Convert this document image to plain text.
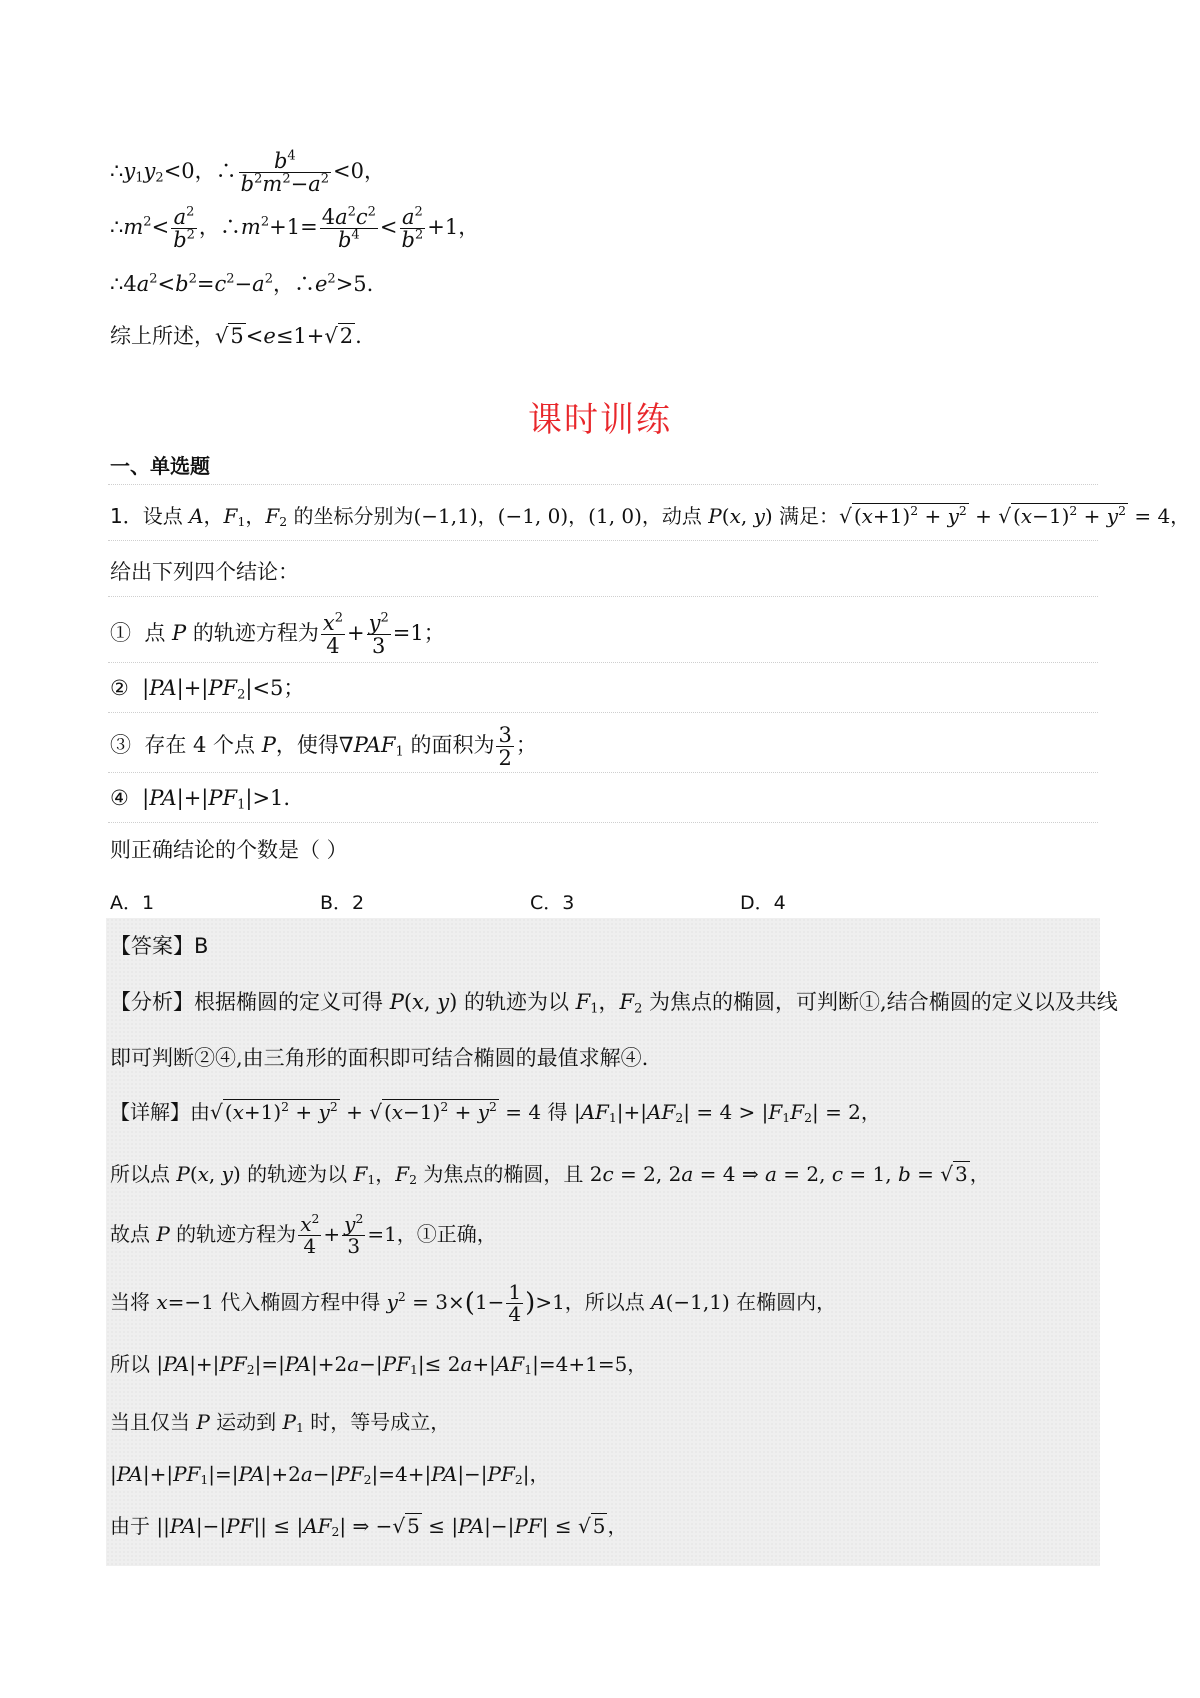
$\therefore y_1y_2<0$，∴ $\frac{b^4}{b^2m^2-a^2} <0$，
$\therefore m^2< \frac{a^2}{b^2}$ ，$\therefore m^2+1= \frac{4a^2c^2}{b^4} < \frac{a^2}{b^2} +1$，
$\therefore 4a^2<b^2=c^2-a^2$，$\therefore e^2>5$.
综上所述，√5<e≤1+√2.
课时训练
一、单选题
1．设点 A，$F_1$，$F_2$ 的坐标分别为(−1,1)，(−1, 0)，(1, 0)，动点 P(x, y) 满足：√ $(x+1)^2 + y^2$ + √ $(x-1)^2 + y^2 = 4$，
给出下列四个结论：
①  点 P 的轨迹方程为 $\frac{x^2}{4} + \frac{y^2}{3} =1$；
②  $|PA|+|PF_2|<5$；
③  存在 4 个点 P，使得$\nabla PAF_1$ 的面积为 $\frac{3}{2}$ ；
④  $|PA|+|PF_1|>1$.
则正确结论的个数是（ ）
A．1	B．2	C．3	D．4
【答案】B
【分析】根据椭圆的定义可得 P(x, y) 的轨迹为以 $F_1$，$F_2$ 为焦点的椭圆，可判断①,结合椭圆的定义以及共线
即可判断②④,由三角形的面积即可结合椭圆的最值求解④.
【详解】由√ $(x+1)^2 + y^2$ + √ $(x-1)^2 + y^2 = 4$ 得 $|AF_1|+|AF_2| = 4 > |F_1F_2| = 2$，
所以点 P(x, y) 的轨迹为以 $F_1$，$F_2$ 为焦点的椭圆，且 2c = 2, 2a = 4 ⇒ a = 2, c = 1, b = √ 3 ，
故点 P 的轨迹方程为 $\frac{x^2}{4} + \frac{y^2}{3} =1$，①正确，
当将 x=−1 代入椭圆方程中得 $y^2 = 3\times(1- \frac{1}{4} )>1$，所以点 A(−1,1) 在椭圆内，
所以 $|PA|+|PF_2|=|PA|+2a-|PF_1|\le 2a+|AF_1|=4+1=5$，
当且仅当 P 运动到 $P_1$ 时，等号成立，
$|PA|+|PF_1|=|PA|+2a-|PF_2|=4+|PA|-|PF_2|$，
由于 $||PA|-|PF|| \le |AF_2|$ ⇒ −√ 5 ≤ |PA|−|PF| ≤ √ 5 ，
